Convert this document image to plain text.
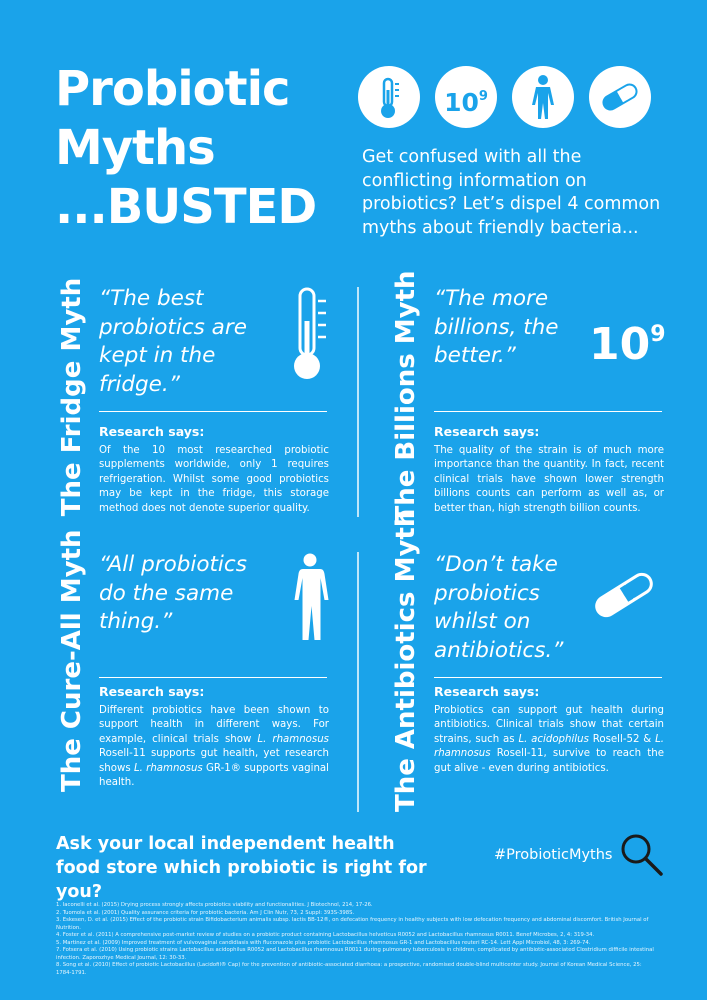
Probiotic
Myths
...BUSTED
$10^9$
Get confused with all the conflicting information on probiotics? Let’s dispel 4 common myths about friendly bacteria...
The Fridge Myth “The best probiotics are kept in the fridge.”
Research says:
Of the 10 most researched probiotic supplements worldwide, only 1 requires refrigeration. Whilst some good probiotics may be kept in the fridge, this storage method does not denote superior quality.	The Billions Myth “The more billions, the better.”	$10^9$
Research says:
The quality of the strain is of much more importance than the quantity. In fact, recent clinical trials have shown lower strength billions counts can perform as well as, or better than, high strength billion counts.
The Cure-All Myth “All probiotics do the same thing.”
Research says:
Different probiotics have been shown to support health in different ways. For example, clinical trials show L. rhamnosus Rosell-11 supports gut health, yet research shows L. rhamnosus GR-1® supports vaginal health.	The Antibiotics Myth “Don’t take probiotics whilst on antibiotics.”
Research says:
Probiotics can support gut health during antibiotics. Clinical trials show that certain strains, such as L. acidophilus Rosell-52 & L. rhamnosus Rosell-11, survive to reach the gut alive - even during antibiotics.
Ask your local independent health food store which probiotic is right for you?
#ProbioticMyths
1. Iaconelli et al. (2015) Drying process strongly affects probiotics viability and functionalities. J Biotechnol, 214, 17-26.
2. Tuomola et al. (2001) Quality assurance criteria for probiotic bacteria. Am J Clin Nutr, 73, 2 Suppl: 393S-398S.
3. Eskesen, D. et al. (2015) Effect of the probiotic strain Bifidobacterium animalis subsp. lactis BB-12®, on defecation frequency in healthy subjects with low defecation frequency and abdominal discomfort. British Journal of Nutrition.
4. Foster et al. (2011) A comprehensive post-market review of studies on a probiotic product containing Lactobacillus helveticus R0052 and Lactobacillus rhamnosus R0011. Benef Microbes, 2, 4: 319-34.
5. Martinez et al. (2009) Improved treatment of vulvovaginal candidiasis with fluconazole plus probiotic Lactobacillus rhamnosus GR-1 and Lactobacillus reuteri RC-14. Lett Appl Microbiol, 48, 3: 269-74.
7. Fotsera et al. (2010) Using probiotic strains Lactobacillus acidophilus R0052 and Lactobacillus rhamnosus R0011 during pulmonary tuberculosis in children, complicated by antibiotic-associated Clostridium difficile intestinal infection. Zaporozhye Medical Journal, 12: 30-33.
8. Song et al. (2010) Effect of probiotic Lactobacillus (Lacidofil® Cap) for the prevention of antibiotic-associated diarrhoea: a prospective, randomised double-blind multicenter study. Journal of Korean Medical Science, 25: 1784-1791.
